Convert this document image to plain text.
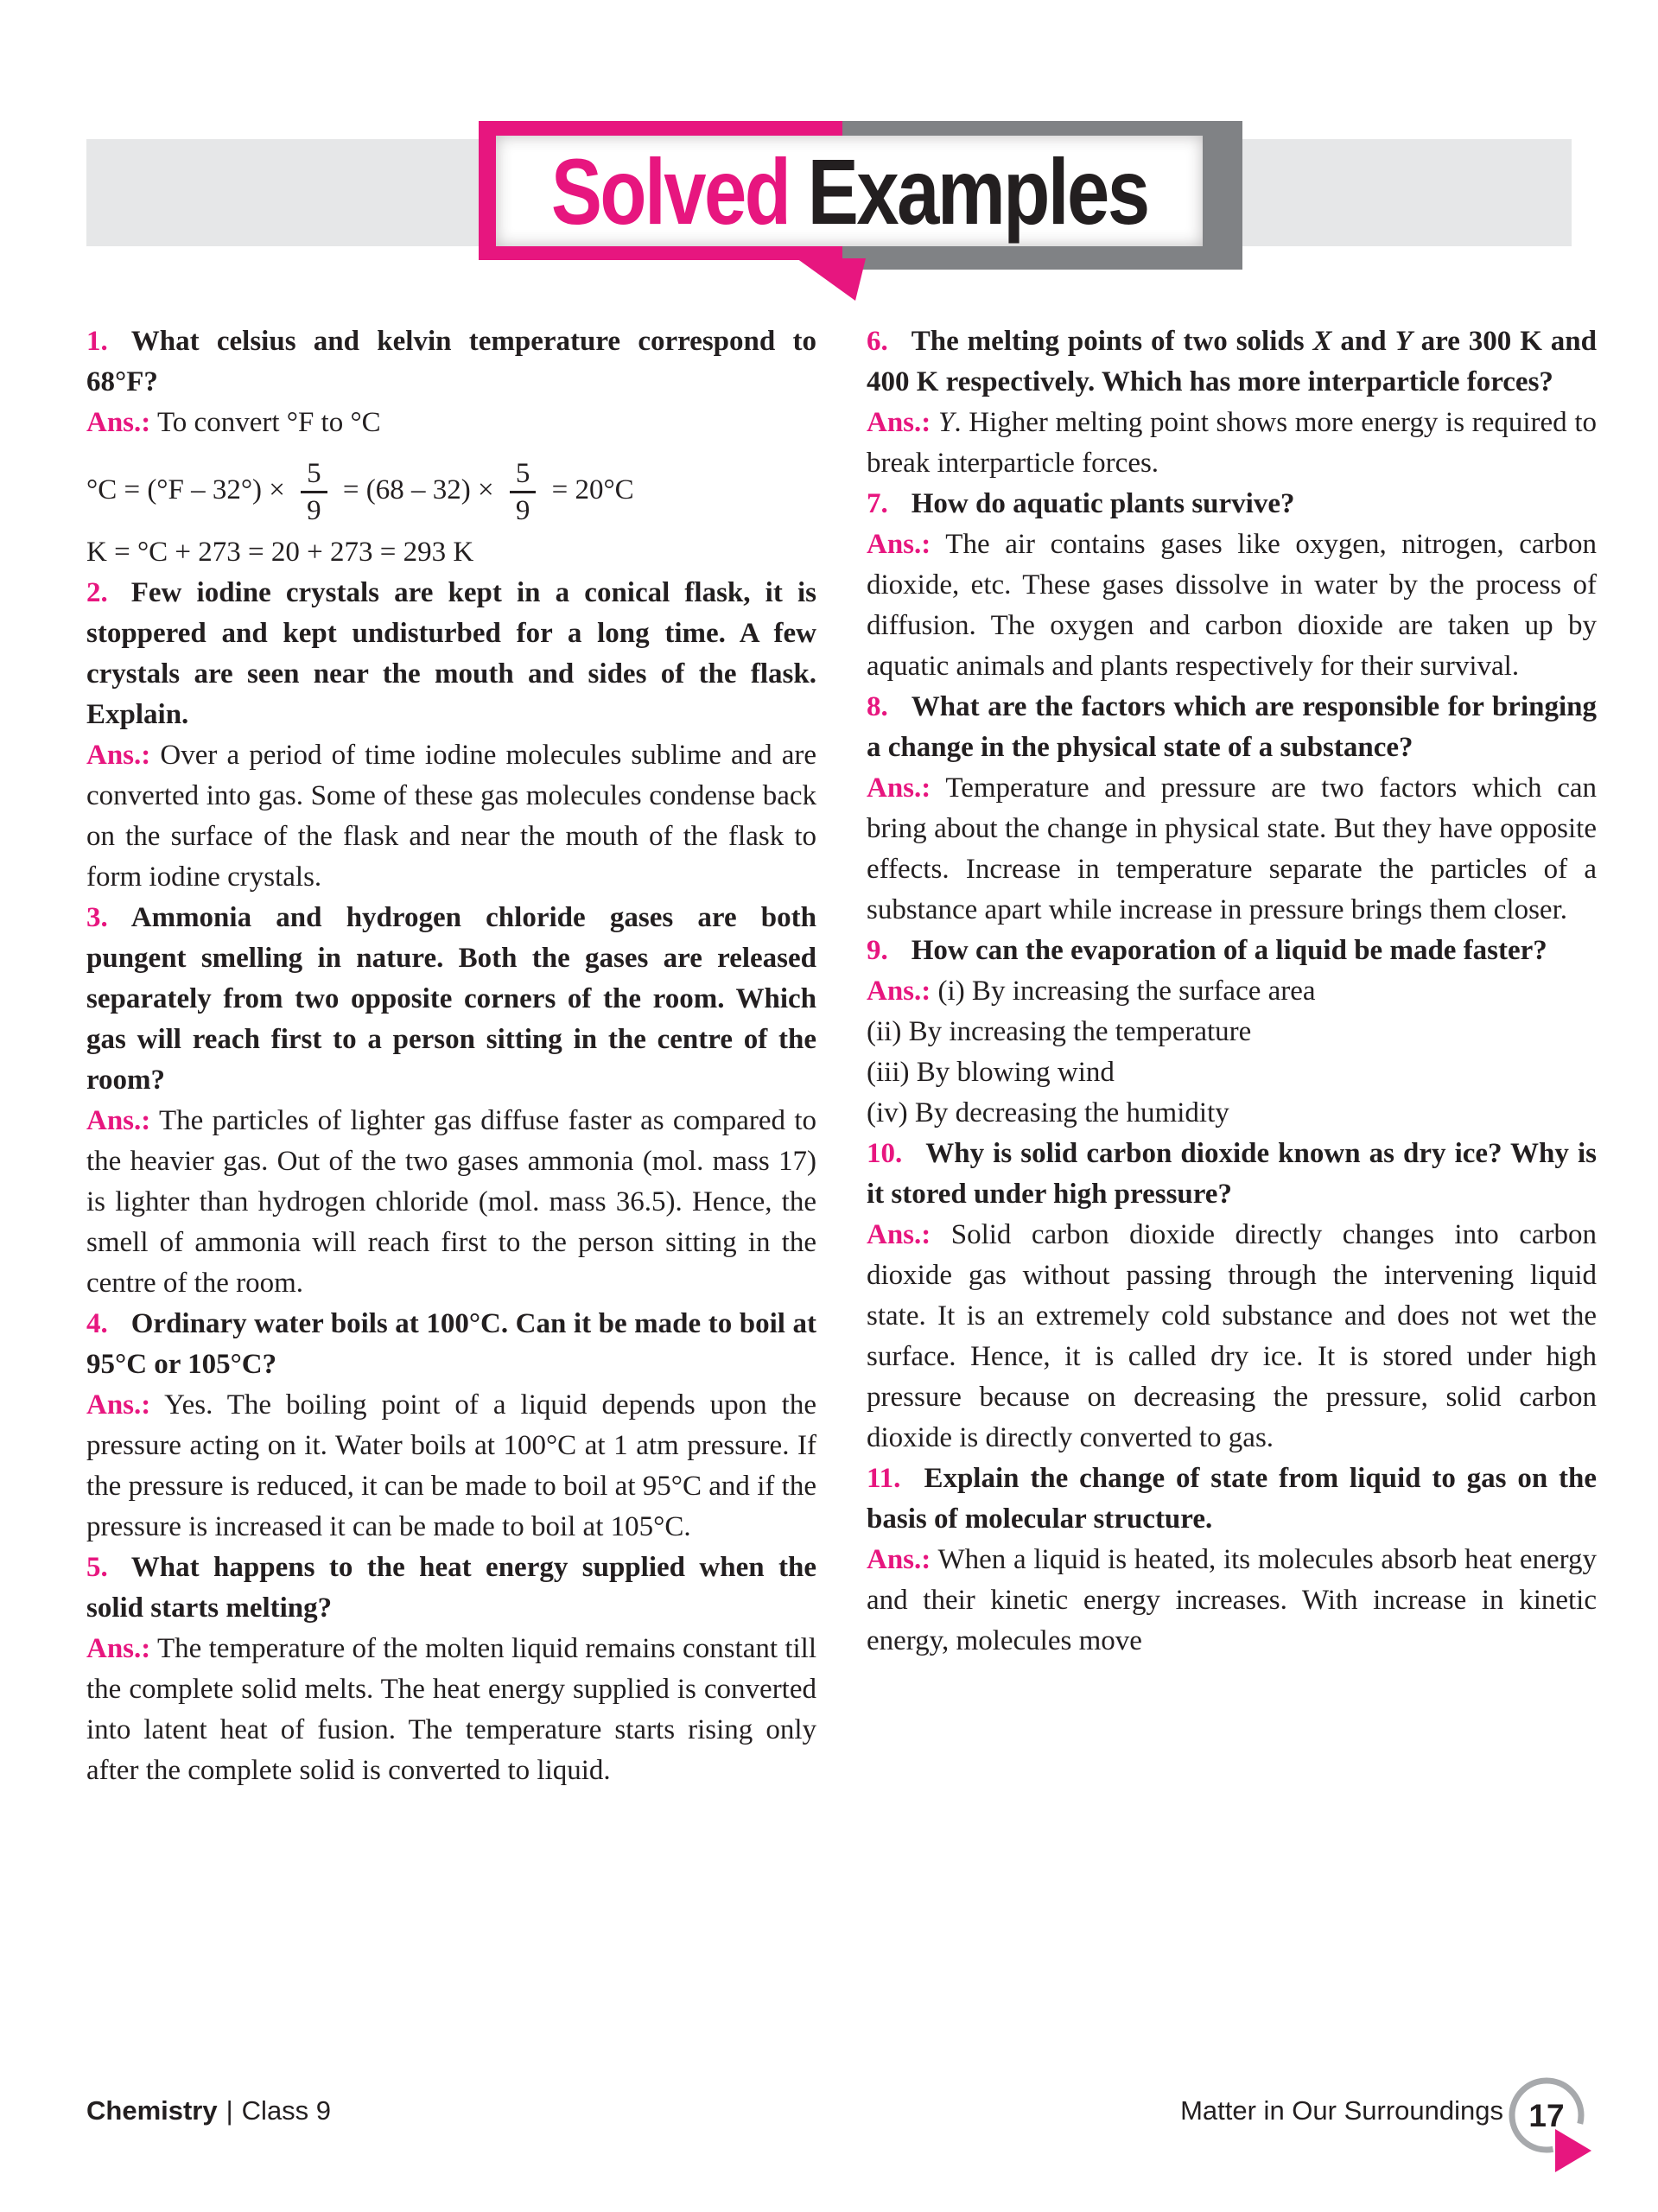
Solved Examples

1. What celsius and kelvin temperature correspond to 68°F?

Ans.: To convert °F to °C

$^\circ C = (^\circ F - 32^\circ) \times \frac{5}{9} = (68 - 32) \times \frac{5}{9} = 20^\circ C$

K = °C + 273 = 20 + 273 = 293 K

2. Few iodine crystals are kept in a conical flask, it is stoppered and kept undisturbed for a long time. A few crystals are seen near the mouth and sides of the flask. Explain.

Ans.: Over a period of time iodine molecules sublime and are converted into gas. Some of these gas molecules condense back on the surface of the flask and near the mouth of the flask to form iodine crystals.

3. Ammonia and hydrogen chloride gases are both pungent smelling in nature. Both the gases are released separately from two opposite corners of the room. Which gas will reach first to a person sitting in the centre of the room?

Ans.: The particles of lighter gas diffuse faster as compared to the heavier gas. Out of the two gases ammonia (mol. mass 17) is lighter than hydrogen chloride (mol. mass 36.5). Hence, the smell of ammonia will reach first to the person sitting in the centre of the room.

4. Ordinary water boils at 100°C. Can it be made to boil at 95°C or 105°C?

Ans.: Yes. The boiling point of a liquid depends upon the pressure acting on it. Water boils at 100°C at 1 atm pressure. If the pressure is reduced, it can be made to boil at 95°C and if the pressure is increased it can be made to boil at 105°C.

5. What happens to the heat energy supplied when the solid starts melting?

Ans.: The temperature of the molten liquid remains constant till the complete solid melts. The heat energy supplied is converted into latent heat of fusion. The temperature starts rising only after the complete solid is converted to liquid.

6. The melting points of two solids X and Y are 300 K and 400 K respectively. Which has more interparticle forces?

Ans.: Y. Higher melting point shows more energy is required to break interparticle forces.

7. How do aquatic plants survive?

Ans.: The air contains gases like oxygen, nitrogen, carbon dioxide, etc. These gases dissolve in water by the process of diffusion. The oxygen and carbon dioxide are taken up by aquatic animals and plants respectively for their survival.

8. What are the factors which are responsible for bringing a change in the physical state of a substance?

Ans.: Temperature and pressure are two factors which can bring about the change in physical state. But they have opposite effects. Increase in temperature separate the particles of a substance apart while increase in pressure brings them closer.

9. How can the evaporation of a liquid be made faster?

Ans.: (i) By increasing the surface area
(ii) By increasing the temperature
(iii) By blowing wind
(iv) By decreasing the humidity

10. Why is solid carbon dioxide known as dry ice? Why is it stored under high pressure?

Ans.: Solid carbon dioxide directly changes into carbon dioxide gas without passing through the intervening liquid state. It is an extremely cold substance and does not wet the surface. Hence, it is called dry ice. It is stored under high pressure because on decreasing the pressure, solid carbon dioxide is directly converted to gas.

11. Explain the change of state from liquid to gas on the basis of molecular structure.

Ans.: When a liquid is heated, its molecules absorb heat energy and their kinetic energy increases. With increase in kinetic energy, molecules move

Chemistry | Class 9	Matter in Our Surroundings 17
